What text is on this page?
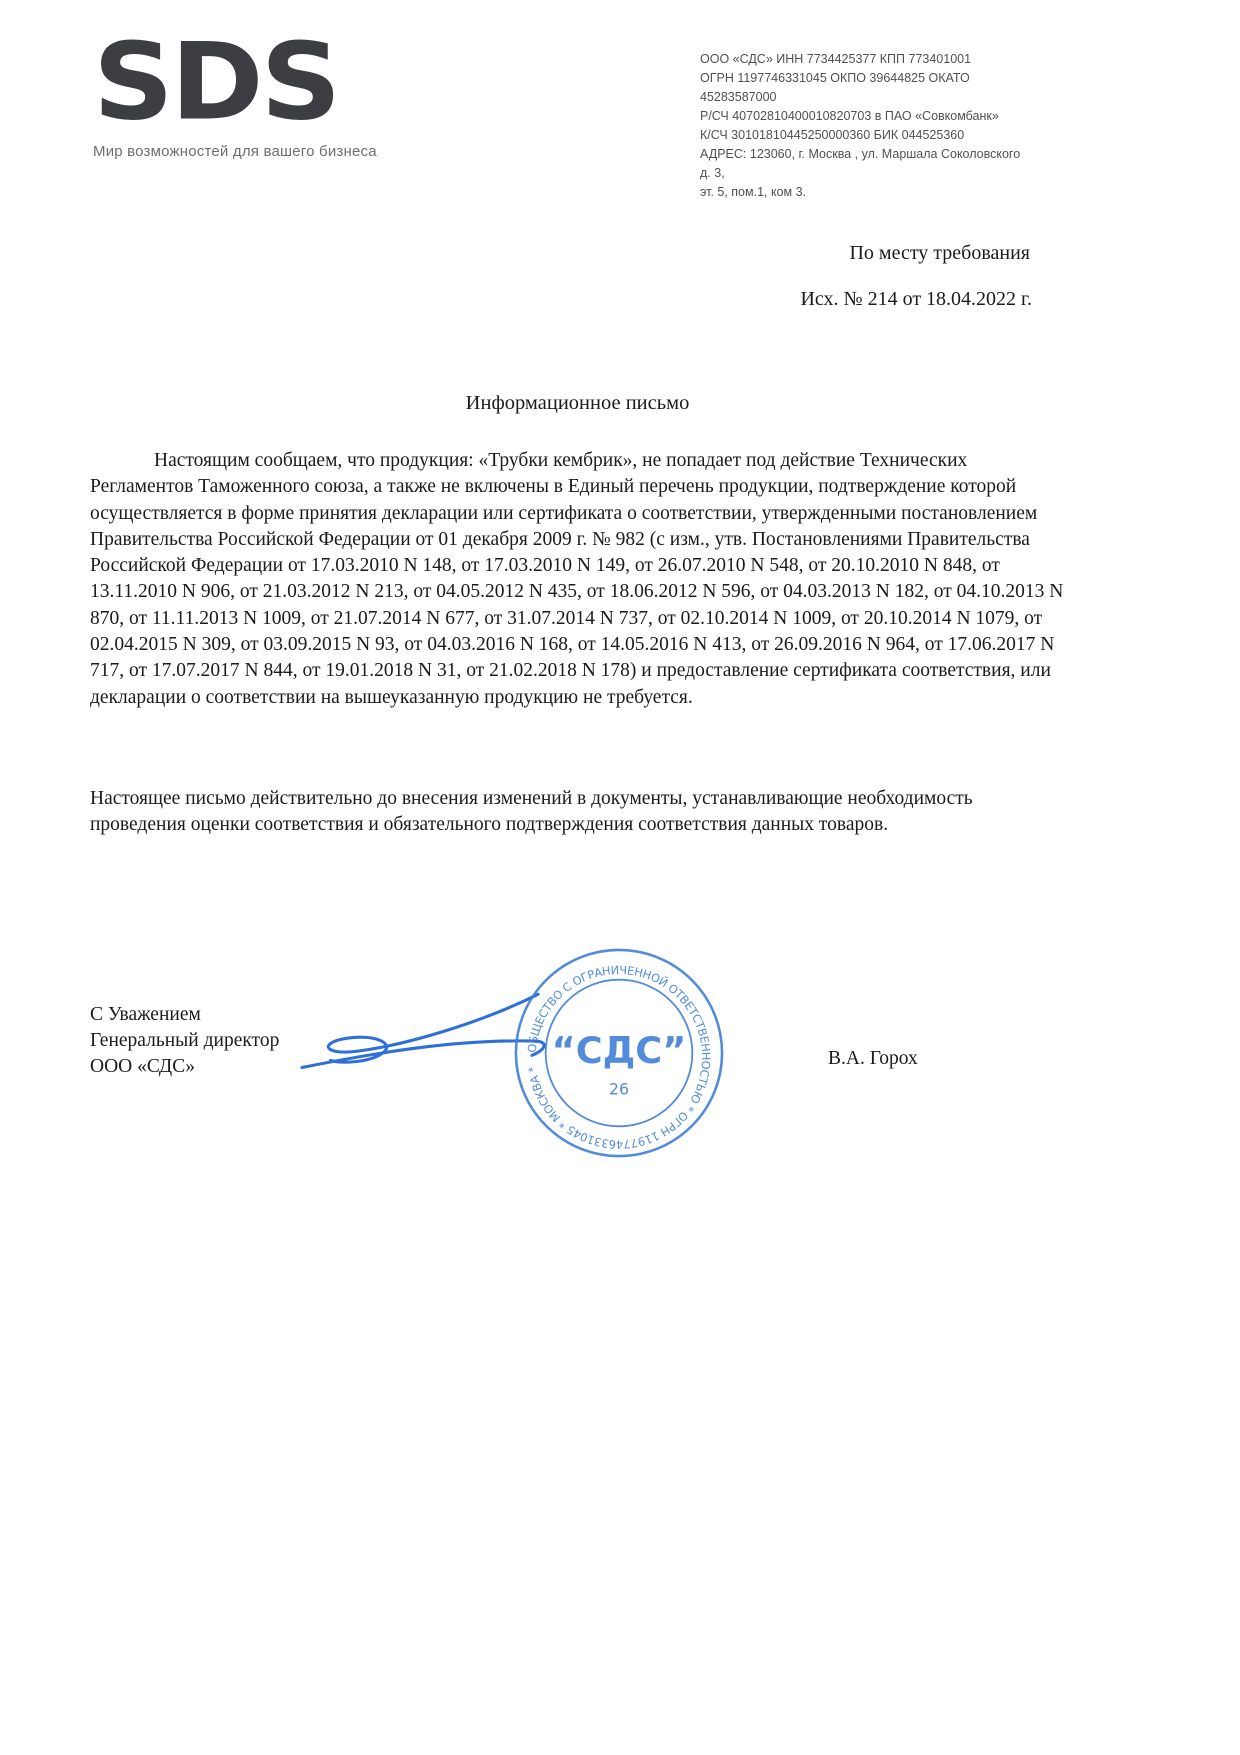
SDS
Мир возможностей для вашего бизнеса
ООО «СДС» ИНН 7734425377 КПП 773401001
ОГРН 1197746331045 ОКПО 39644825 ОКАТО 45283587000
Р/СЧ 40702810400010820703 в ПАО «Совкомбанк»
К/СЧ 30101810445250000360 БИК 044525360
АДРЕС: 123060, г. Москва , ул. Маршала Соколовского д. 3,
эт. 5, пом.1, ком 3.
По месту требования
Исх. № 214 от 18.04.2022 г.
Информационное письмо

Настоящим сообщаем, что продукция: «Трубки кембрик», не попадает под действие Технических Регламентов Таможенного союза, а также не включены в Единый перечень продукции, подтверждение которой осуществляется в форме принятия декларации или сертификата о соответствии, утвержденными постановлением Правительства Российской Федерации от 01 декабря 2009 г. № 982 (с изм., утв. Постановлениями Правительства Российской Федерации от 17.03.2010 N 148, от 17.03.2010 N 149, от 26.07.2010 N 548, от 20.10.2010 N 848, от 13.11.2010 N 906, от 21.03.2012 N 213, от 04.05.2012 N 435, от 18.06.2012 N 596, от 04.03.2013 N 182, от 04.10.2013 N 870, от 11.11.2013 N 1009, от 21.07.2014 N 677, от 31.07.2014 N 737, от 02.10.2014 N 1009, от 20.10.2014 N 1079, от 02.04.2015 N 309, от 03.09.2015 N 93, от 04.03.2016 N 168, от 14.05.2016 N 413, от 26.09.2016 N 964, от 17.06.2017 N 717, от 17.07.2017 N 844, от 19.01.2018 N 31, от 21.02.2018 N 178) и предоставление сертификата соответствия, или декларации о соответствии на вышеуказанную продукцию не требуется.

Настоящее письмо действительно до внесения изменений в документы, устанавливающие необходимость проведения оценки соответствия и обязательного подтверждения соответствия данных товаров.

С Уважением
Генеральный директор
ООО «СДС»
ОБЩЕСТВО С ОГРАНИЧЕННОЙ ОТВЕТСТВЕННОСТЬЮ * ОГРН 1197746331045 * МОСКВА * “СДС”
26
В.А. Горох
